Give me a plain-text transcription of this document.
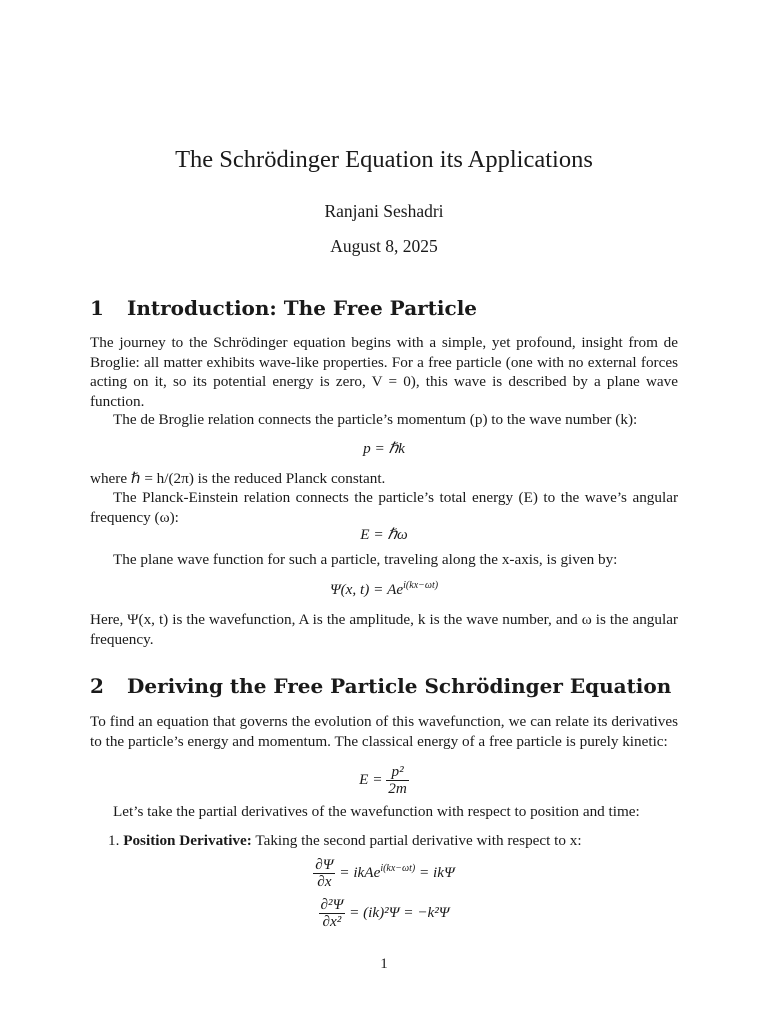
The Schrödinger Equation its Applications
Ranjani Seshadri
August 8, 2025
1 Introduction: The Free Particle
The journey to the Schrödinger equation begins with a simple, yet profound, insight from de Broglie: all matter exhibits wave-like properties. For a free particle (one with no external forces acting on it, so its potential energy is zero, V = 0), this wave is described by a plane wave function.
The de Broglie relation connects the particle’s momentum (p) to the wave number (k):
p = ℏk
where ℏ = h/(2π) is the reduced Planck constant.
The Planck-Einstein relation connects the particle’s total energy (E) to the wave’s angular frequency (ω):
E = ℏω
The plane wave function for such a particle, traveling along the x-axis, is given by:
Ψ(x, $t) = Ae^{i(kx-\omega t)}$
Here, Ψ(x, t) is the wavefunction, A is the amplitude, k is the wave number, and ω is the angular frequency.
2 Deriving the Free Particle Schrödinger Equation
To find an equation that governs the evolution of this wavefunction, we can relate its derivatives to the particle’s energy and momentum. The classical energy of a free particle is purely kinetic:
$E = \frac{\text{p²}}{2m}$
Let’s take the partial derivatives of the wavefunction with respect to position and time:
1. Position Derivative: Taking the second partial derivative with respect to x:
$\frac{\partial\Psi}{\partial x}$ = ikAe$^{i(kx-\omega t)}$ = ikΨ
$\frac{\text{∂²Ψ}}{\text{∂x²}} = (ik)^2\Psi = -k^2\Psi$
1
